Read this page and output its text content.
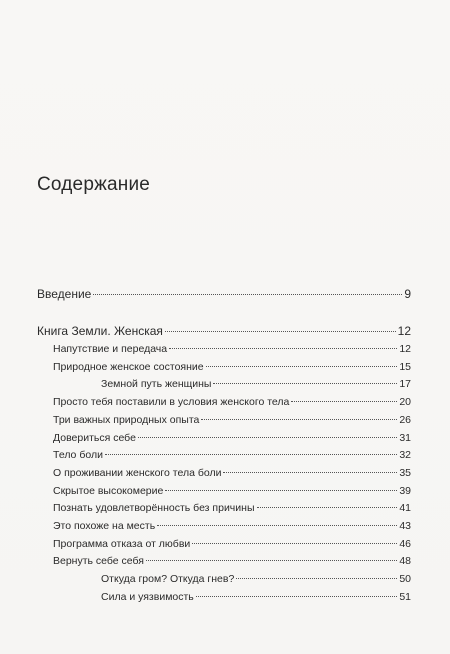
Содержание
Введение	9
Книга Земли. Женская	12
Напутствие и передача	12
Природное женское состояние	15
Земной путь женщины	17
Просто тебя поставили в условия женского тела	20
Три важных природных опыта	26
Довериться себе	31
Тело боли	32
О проживании женского тела боли	35
Скрытое высокомерие	39
Познать удовлетворённость без причины	41
Это похоже на месть	43
Программа отказа от любви	46
Вернуть себе себя	48
Откуда гром? Откуда гнев?	50
Сила и уязвимость	51
